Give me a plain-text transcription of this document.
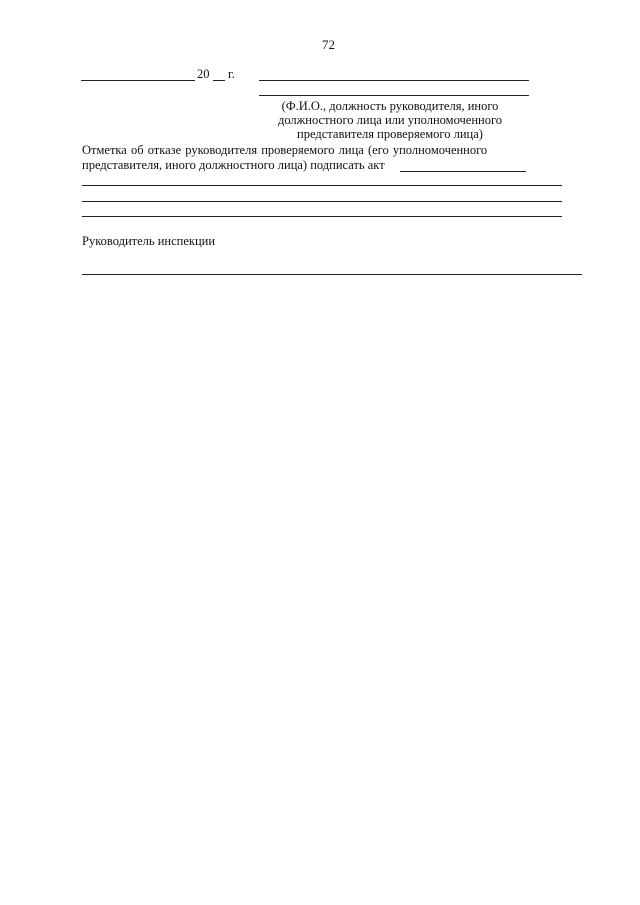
72
20 г.
(Ф.И.О., должность руководителя, иного
должностного лица или уполномоченного
представителя проверяемого лица)
Отметка об отказе руководителя проверяемого лица (его уполномоченного
представителя, иного должностного лица) подписать акт
Руководитель инспекции
